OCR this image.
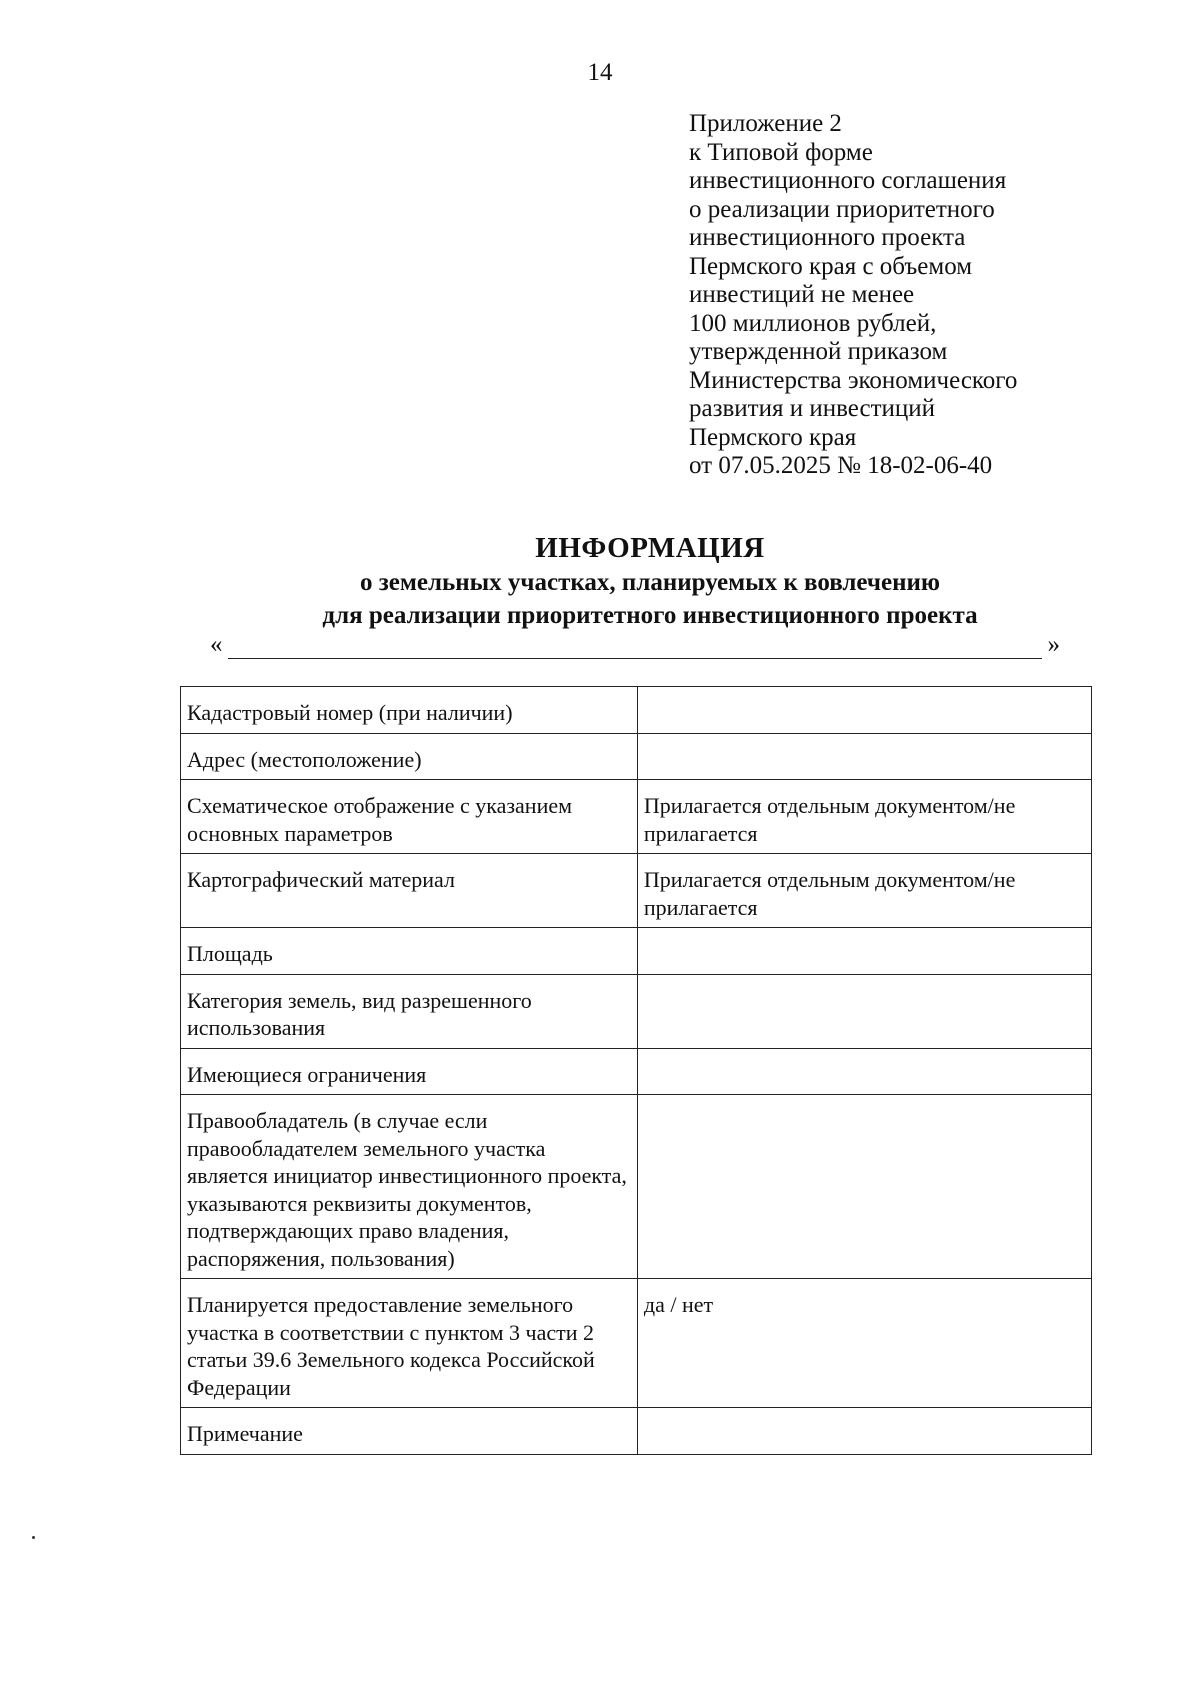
14
Приложение 2
к Типовой форме
инвестиционного соглашения
о реализации приоритетного
инвестиционного проекта
Пермского края с объемом
инвестиций не менее
100 миллионов рублей,
утвержденной приказом
Министерства экономического
развития и инвестиций
Пермского края
от 07.05.2025 № 18-02-06-40
ИНФОРМАЦИЯ
о земельных участках, планируемых к вовлечению
для реализации приоритетного инвестиционного проекта
«	»
Кадастровый номер (при наличии)	
Адрес (местоположение)	
Схематическое отображение с указанием основных параметров	Прилагается отдельным документом/не прилагается
Картографический материал	Прилагается отдельным документом/не прилагается
Площадь	
Категория земель, вид разрешенного использования	
Имеющиеся ограничения	
Правообладатель (в случае если правообладателем земельного участка является инициатор инвестиционного проекта, указываются реквизиты документов, подтверждающих право владения, распоряжения, пользования)	
Планируется предоставление земельного участка в соответствии с пунктом 3 части 2 статьи 39.6 Земельного кодекса Российской Федерации	да / нет
Примечание	
